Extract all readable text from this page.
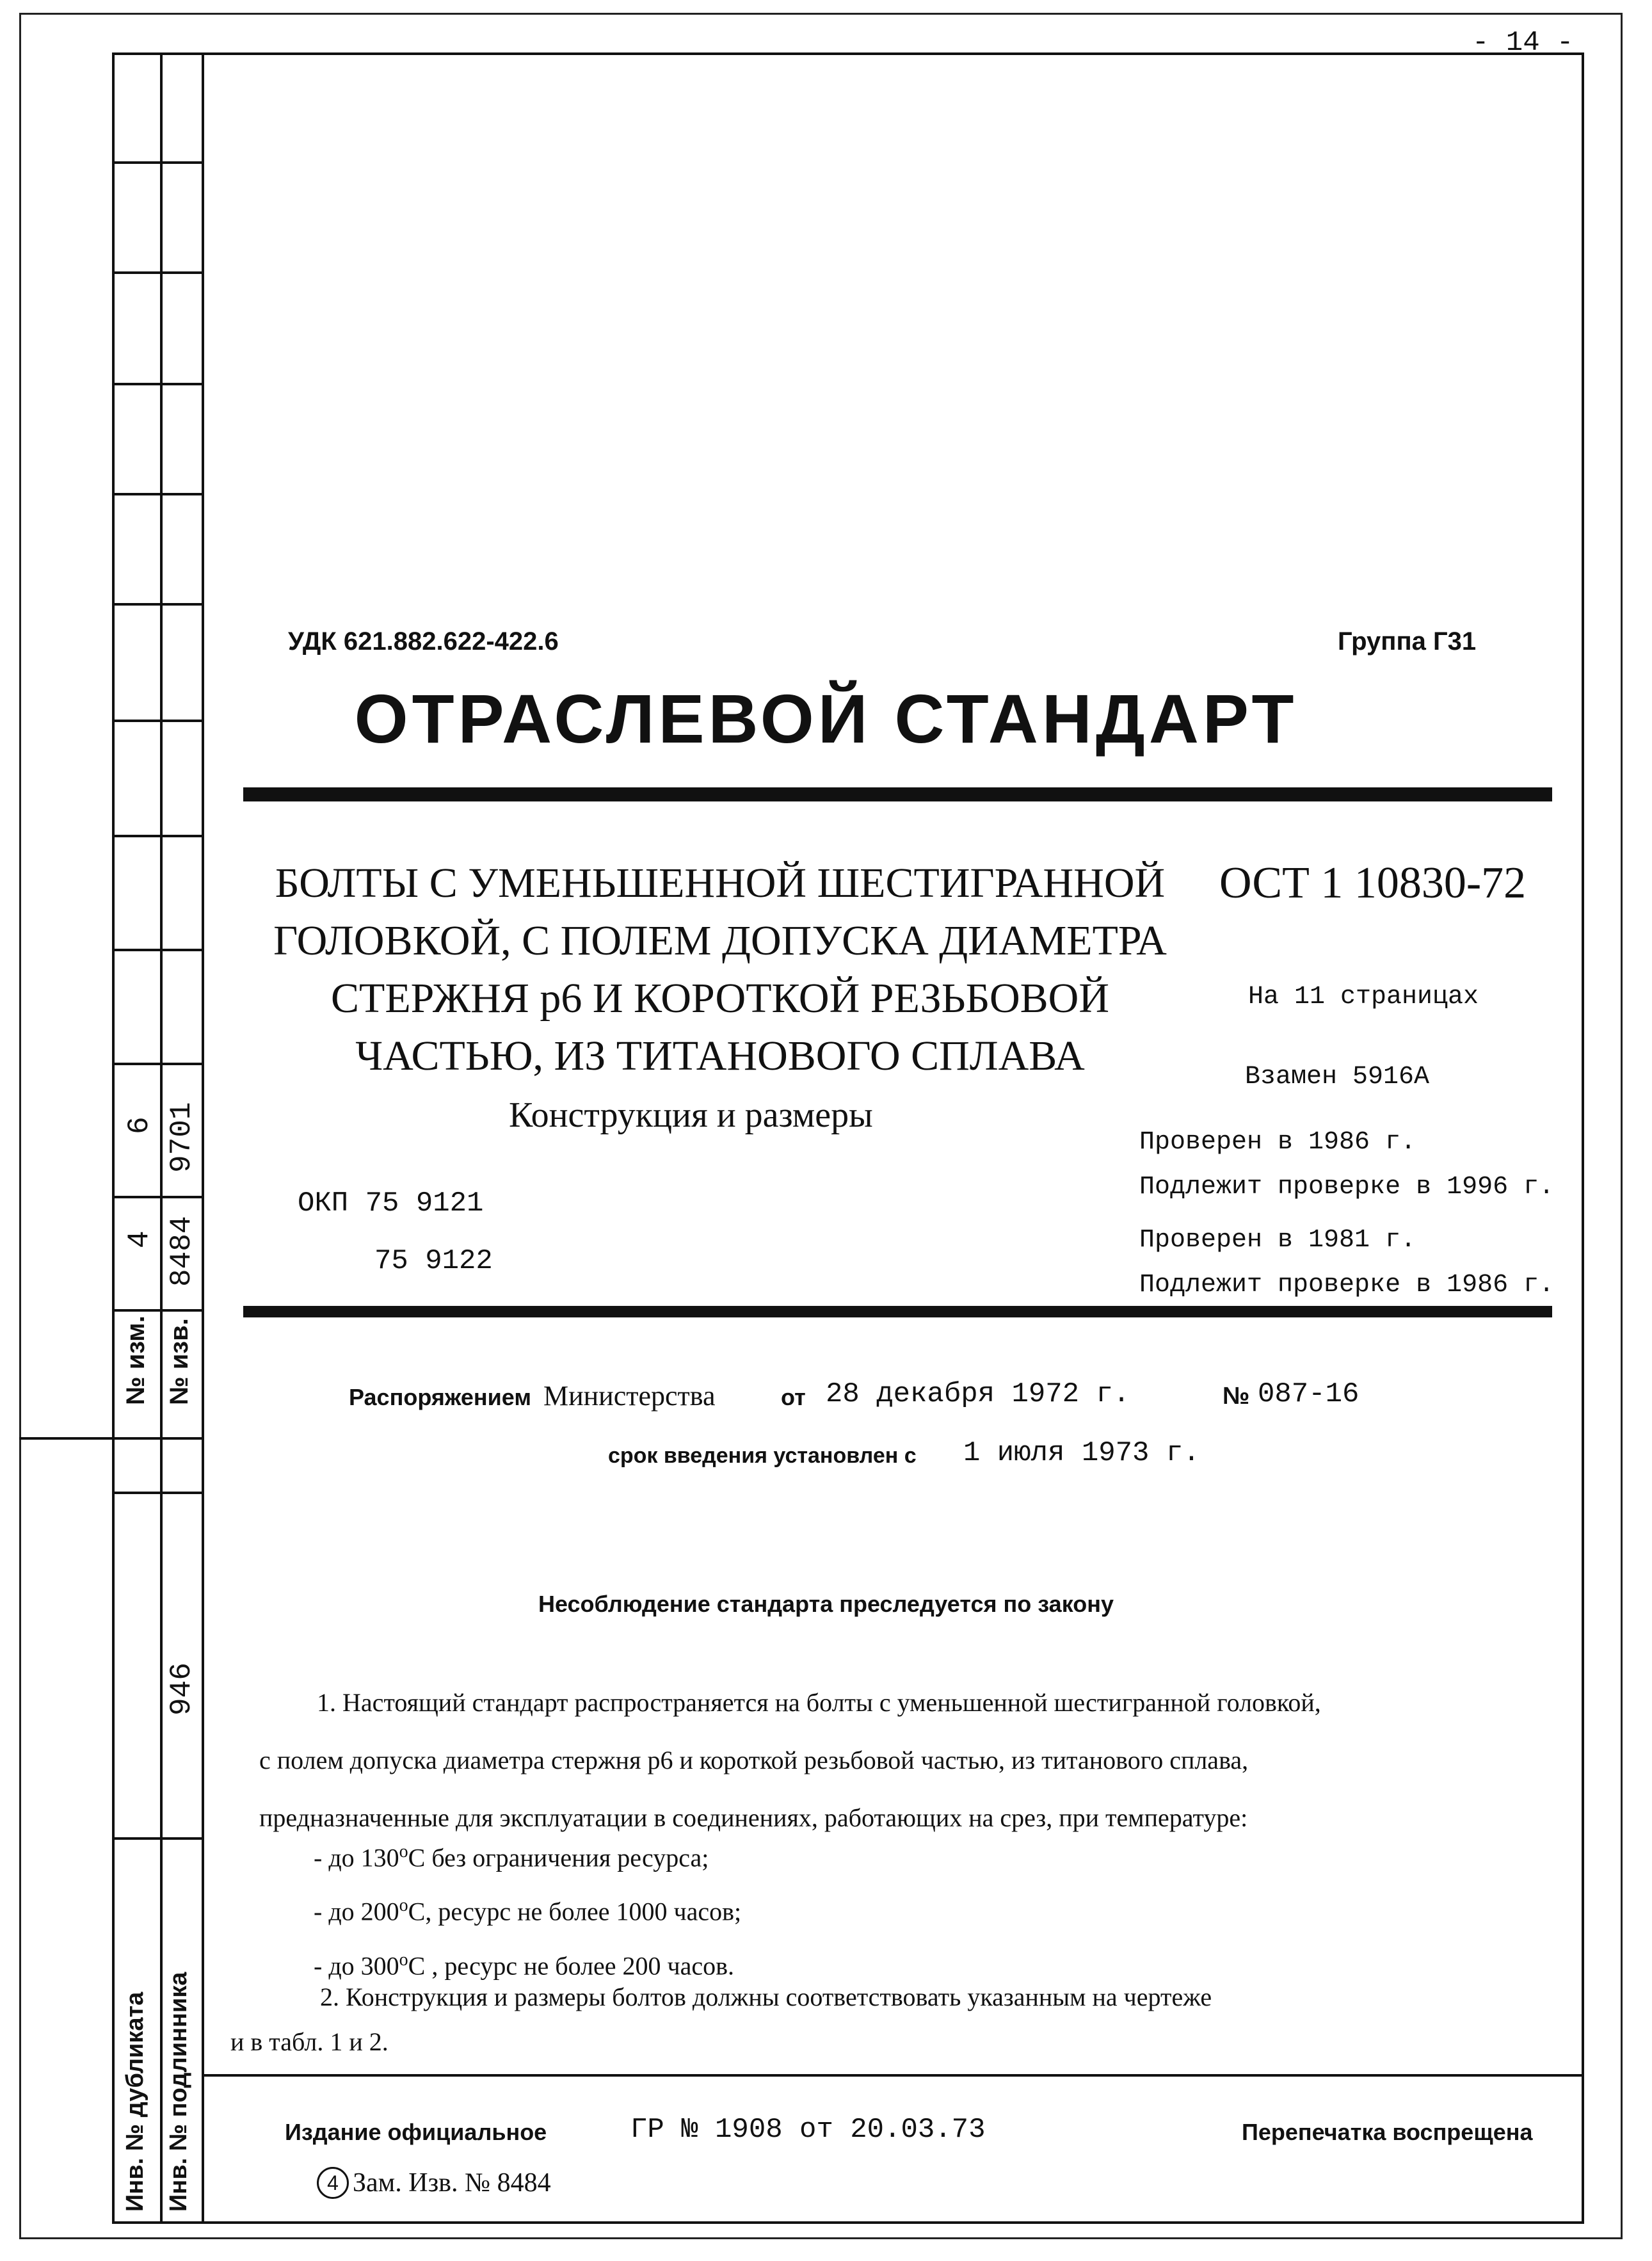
№ изм. № изв.
4
6
8484
9701
Инв. № дубликата Инв. № подлинника
946
- 14 -
УДК 621.882.622-422.6	Группа Г31
ОТРАСЛЕВОЙ СТАНДАРТ
БОЛТЫ С УМЕНЬШЕННОЙ ШЕСТИГРАННОЙ
ГОЛОВКОЙ, С ПОЛЕМ ДОПУСКА ДИАМЕТРА
СТЕРЖНЯ р6 И КОРОТКОЙ РЕЗЬБОВОЙ
ЧАСТЬЮ, ИЗ ТИТАНОВОГО СПЛАВА
Конструкция и размеры
ОКП 75 9121
75 9122
ОСТ 1 10830-72
На 11 страницах
Взамен 5916А
Проверен в 1986 г.
Подлежит проверке в 1996 г.
Проверен в 1981 г.
Подлежит проверке в 1986 г.
Распоряжением Министерства	от 28 декабря 1972 г.	№ 087-16
срок введения установлен с 1 июля 1973 г.
Несоблюдение стандарта преследуется по закону
1. Настоящий стандарт распространяется на болты с уменьшенной шестигранной головкой,
с полем допуска диаметра стержня р6 и короткой резьбовой частью, из титанового сплава,
предназначенные для эксплуатации в соединениях, работающих на срез, при температуре:
- до 130$^o$С без ограничения ресурса;
- до 200$^o$С, ресурс не более 1000 часов;
- до 300$^o$С , ресурс не более 200 часов.
2. Конструкция и размеры болтов должны соответствовать указанным на чертеже
и в табл. 1 и 2.
Издание официальное	ГР № 1908 от 20.03.73	Перепечатка воспрещена
4 Зам. Изв. № 8484
